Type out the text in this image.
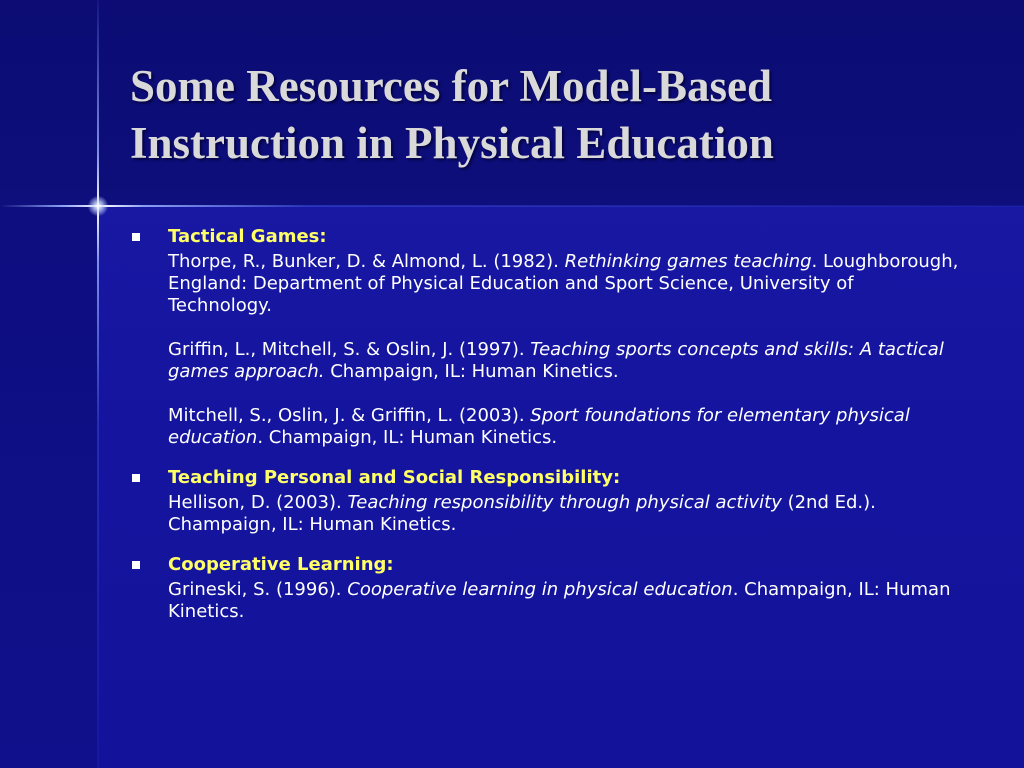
Some Resources for Model-Based
Instruction in Physical Education
Tactical Games:

Thorpe, R., Bunker, D. & Almond, L. (1982). Rethinking games teaching. Loughborough, England: Department of Physical Education and Sport Science, University of Technology.

Griffin, L., Mitchell, S. & Oslin, J. (1997). Teaching sports concepts and skills: A tactical games approach. Champaign, IL: Human Kinetics.

Mitchell, S., Oslin, J. & Griffin, L. (2003). Sport foundations for elementary physical education. Champaign, IL: Human Kinetics.

Teaching Personal and Social Responsibility:

Hellison, D. (2003). Teaching responsibility through physical activity (2nd Ed.). Champaign, IL: Human Kinetics.

Cooperative Learning:

Grineski, S. (1996). Cooperative learning in physical education. Champaign, IL: Human Kinetics.
